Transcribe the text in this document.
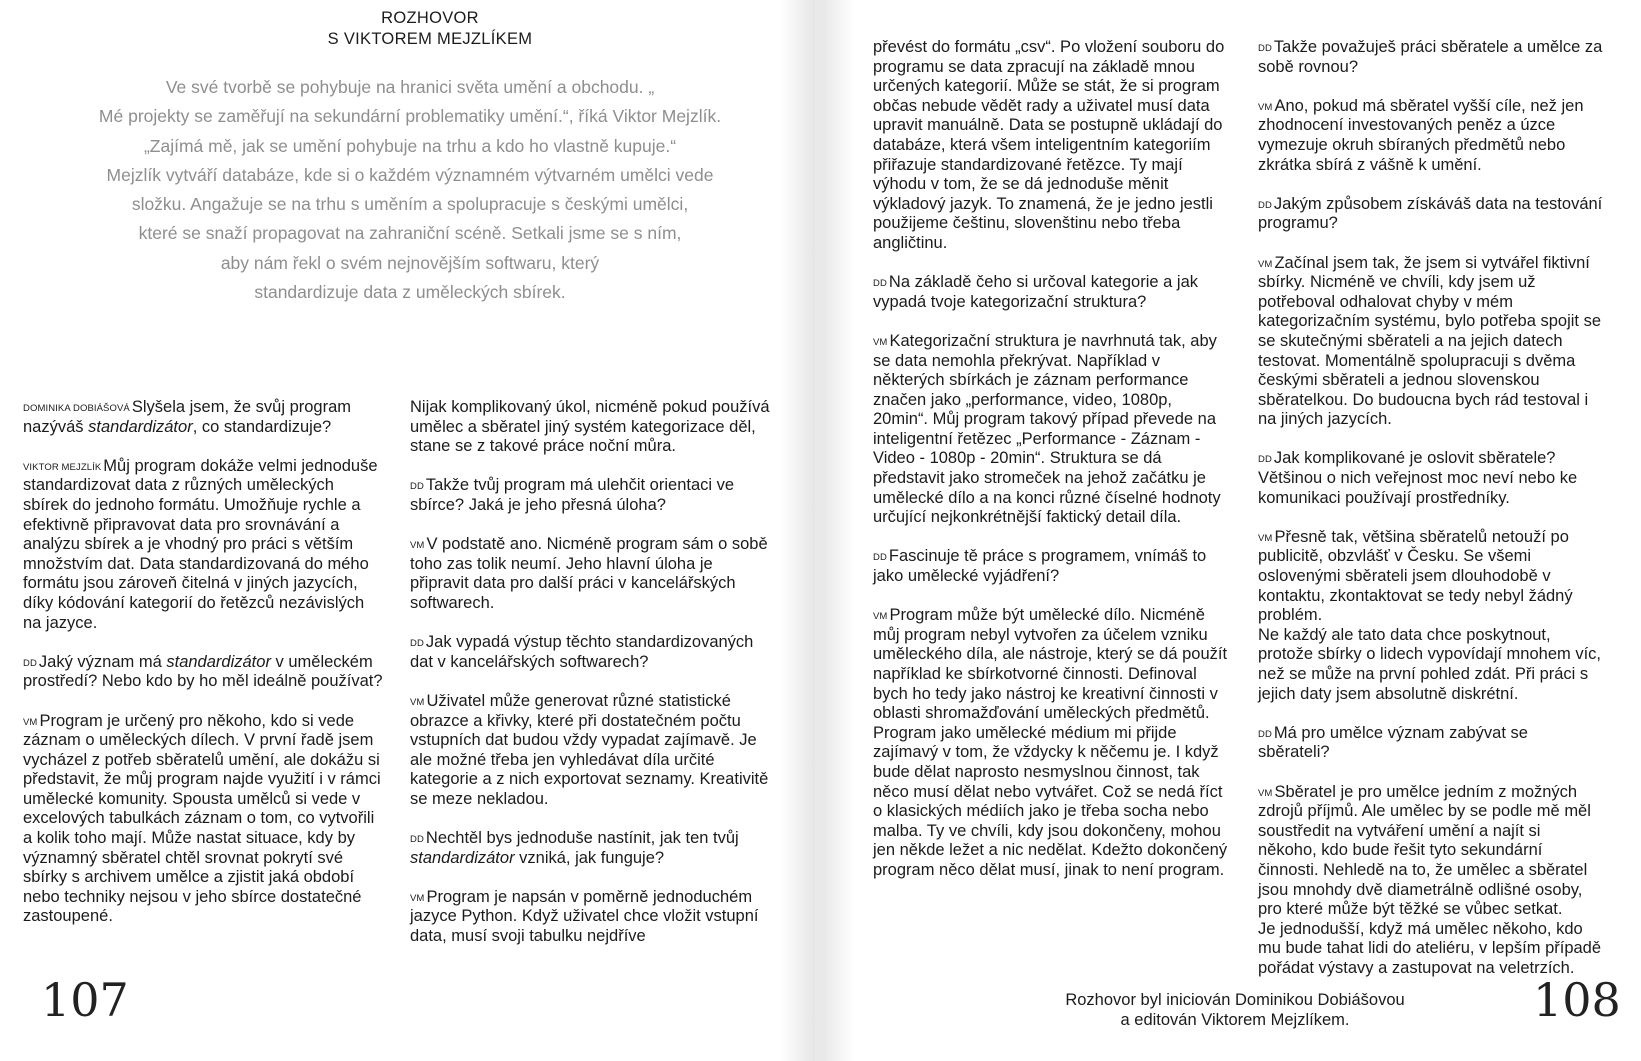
ROZHOVOR
S VIKTOREM MEJZLÍKEM

Ve své tvorbě se pohybuje na hranici světa umění a obchodu. „

Mé projekty se zaměřují na sekundární problematiky umění.“, říká Viktor Mejzlík.

„Zajímá mě, jak se umění pohybuje na trhu a kdo ho vlastně kupuje.“

Mejzlík vytváří databáze, kde si o každém významném výtvarném umělci vede

složku. Angažuje se na trhu s uměním a spolupracuje s českými umělci,

které se snaží propagovat na zahraniční scéně. Setkali jsme se s ním,

aby nám řekl o svém nejnovějším softwaru, který

standardizuje data z uměleckých sbírek.

$^{DOMINIKA DOBIÁŠOVÁ}$ Slyšela jsem, že svůj program nazýváš standardizátor, co standardizuje?

$^{VIKTOR MEJZLÍK}$ Můj program dokáže velmi jednoduše standardizovat data z různých uměleckých sbírek do jednoho formátu. Umožňuje rychle a efektivně připravovat data pro srovnávání a analýzu sbírek a je vhodný pro práci s větším množstvím dat. Data standardizovaná do mého formátu jsou zároveň čitelná v jiných jazycích, díky kódování kategorií do řetězců nezávislých na jazyce.

$^{DD}$ Jaký význam má standardizátor v uměleckém prostředí? Nebo kdo by ho měl ideálně používat?

$^{VM}$ Program je určený pro někoho, kdo si vede záznam o uměleckých dílech. V první řadě jsem vycházel z potřeb sběratelů umění, ale dokážu si představit, že můj program najde využití i v rámci umělecké komunity. Spousta umělců si vede v excelových tabulkách záznam o tom, co vytvořili a kolik toho mají. Může nastat situace, kdy by významný sběratel chtěl srovnat pokrytí své sbírky s archivem umělce a zjistit jaká období nebo techniky nejsou v jeho sbírce dostatečné zastoupené.

Nijak komplikovaný úkol, nicméně pokud používá umělec a sběratel jiný systém kategorizace děl, stane se z takové práce noční můra.

$^{DD}$ Takže tvůj program má ulehčit orientaci ve sbírce? Jaká je jeho přesná úloha?

$^{VM}$ V podstatě ano. Nicméně program sám o sobě toho zas tolik neumí. Jeho hlavní úloha je připravit data pro další práci v kancelářských softwarech.

$^{DD}$ Jak vypadá výstup těchto standardizovaných dat v kancelářských softwarech?

$^{VM}$ Uživatel může generovat různé statistické obrazce a křivky, které při dostatečném počtu vstupních dat budou vždy vypadat zajímavě. Je ale možné třeba jen vyhledávat díla určité kategorie a z nich exportovat seznamy. Kreativitě se meze nekladou.

$^{DD}$ Nechtěl bys jednoduše nastínit, jak ten tvůj standardizátor vzniká, jak funguje?

$^{VM}$ Program je napsán v poměrně jednoduchém jazyce Python. Když uživatel chce vložit vstupní data, musí svoji tabulku nejdříve

107

převést do formátu „csv“. Po vložení souboru do programu se data zpracují na základě mnou určených kategorií. Může se stát, že si program občas nebude vědět rady a uživatel musí data upravit manuálně. Data se postupně ukládají do databáze, která všem inteligentním kategoriím přiřazuje standardizované řetězce. Ty mají výhodu v tom, že se dá jednoduše měnit výkladový jazyk. To znamená, že je jedno jestli použijeme češtinu, slovenštinu nebo třeba angličtinu.

$^{DD}$ Na základě čeho si určoval kategorie a jak vypadá tvoje kategorizační struktura?

$^{VM}$ Kategorizační struktura je navrhnutá tak, aby se data nemohla překrývat. Například v některých sbírkách je záznam performance značen jako „performance, video, 1080p, 20min“. Můj program takový případ převede na inteligentní řetězec „Performance - Záznam - Video - 1080p - 20min“. Struktura se dá představit jako stromeček na jehož začátku je umělecké dílo a na konci různé číselné hodnoty určující nejkonkrétnější faktický detail díla.

$^{DD}$ Fascinuje tě práce s programem, vnímáš to jako umělecké vyjádření?

$^{VM}$ Program může být umělecké dílo. Nicméně můj program nebyl vytvořen za účelem vzniku uměleckého díla, ale nástroje, který se dá použít například ke sbírkotvorné činnosti. Definoval bych ho tedy jako nástroj ke kreativní činnosti v oblasti shromažďování uměleckých předmětů.

Program jako umělecké médium mi přijde zajímavý v tom, že vždycky k něčemu je. I když bude dělat naprosto nesmyslnou činnost, tak něco musí dělat nebo vytvářet. Což se nedá říct o klasických médiích jako je třeba socha nebo malba. Ty ve chvíli, kdy jsou dokončeny, mohou jen někde ležet a nic nedělat. Kdežto dokončený program něco dělat musí, jinak to není program.

$^{DD}$ Takže považuješ práci sběratele a umělce za sobě rovnou?

$^{VM}$ Ano, pokud má sběratel vyšší cíle, než jen zhodnocení investovaných peněz a úzce vymezuje okruh sbíraných předmětů nebo zkrátka sbírá z vášně k umění.

$^{DD}$ Jakým způsobem získáváš data na testování programu?

$^{VM}$ Začínal jsem tak, že jsem si vytvářel fiktivní sbírky. Nicméně ve chvíli, kdy jsem už potřeboval odhalovat chyby v mém kategorizačním systému, bylo potřeba spojit se se skutečnými sběrateli a na jejich datech testovat. Momentálně spolupracuji s dvěma českými sběrateli a jednou slovenskou sběratelkou. Do budoucna bych rád testoval i na jiných jazycích.

$^{DD}$ Jak komplikované je oslovit sběratele? Většinou o nich veřejnost moc neví nebo ke komunikaci používají prostředníky.

$^{VM}$ Přesně tak, většina sběratelů netouží po publicitě, obzvlášť v Česku. Se všemi oslovenými sběrateli jsem dlouhodobě v kontaktu, zkontaktovat se tedy nebyl žádný problém.

Ne každý ale tato data chce poskytnout, protože sbírky o lidech vypovídají mnohem víc, než se může na první pohled zdát. Při práci s jejich daty jsem absolutně diskrétní.

$^{DD}$ Má pro umělce význam zabývat se sběrateli?

$^{VM}$ Sběratel je pro umělce jedním z možných zdrojů příjmů. Ale umělec by se podle mě měl soustředit na vytváření umění a najít si někoho, kdo bude řešit tyto sekundární činnosti. Nehledě na to, že umělec a sběratel jsou mnohdy dvě diametrálně odlišné osoby, pro které může být těžké se vůbec setkat.

Je jednodušší, když má umělec někoho, kdo mu bude tahat lidi do ateliéru, v lepším případě pořádat výstavy a zastupovat na veletrzích.

Rozhovor byl iniciován Dominikou Dobiášovou
a editován Viktorem Mejzlíkem.	108
